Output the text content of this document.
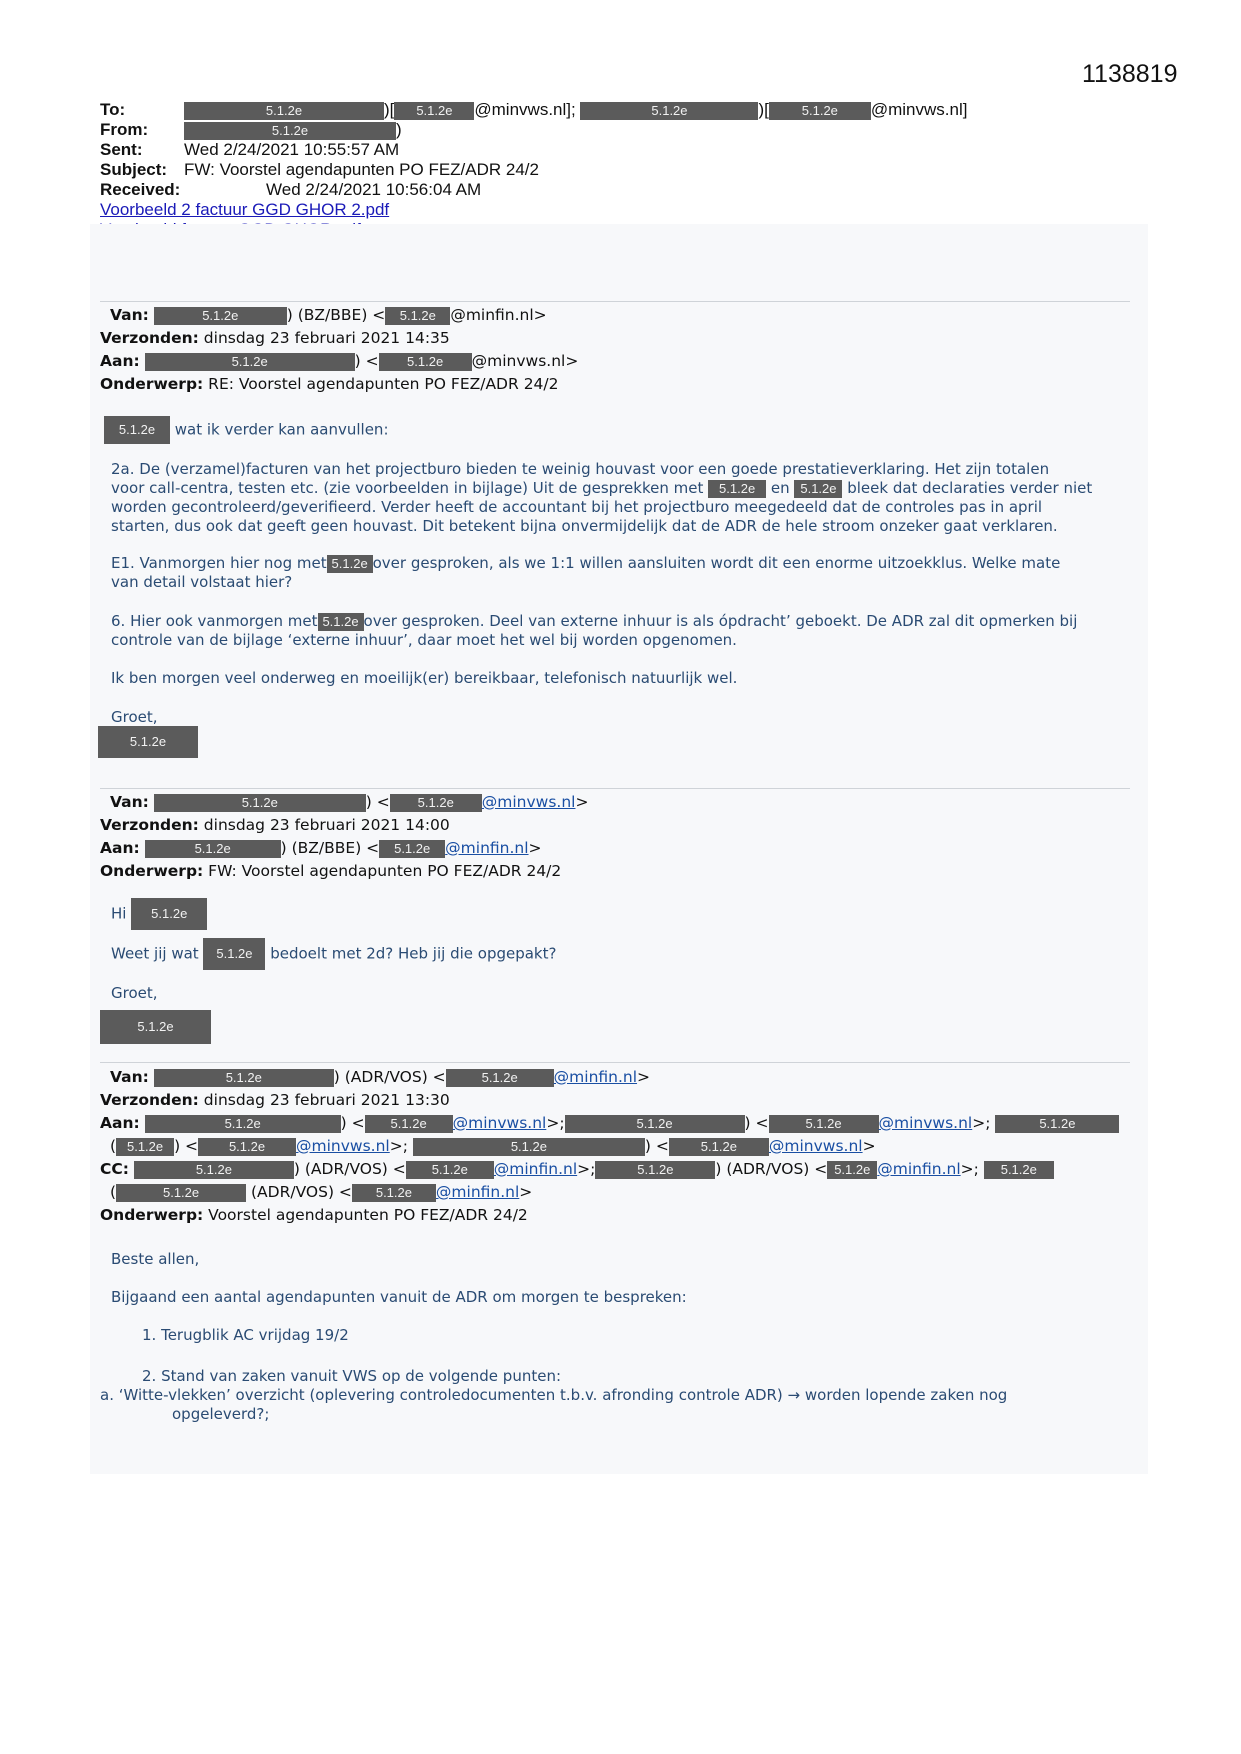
1138819
To:	5.1.2e	)[ 5.1.2e @minvws.nl];	5.1.2e	)[	5.1.2e @minvws.nl]
From:	5.1.2e	)
Sent: Wed 2/24/2021 10:55:57 AM
Subject: FW: Voorstel agendapunten PO FEZ/ADR 24/2
Received:	Wed 2/24/2021 10:56:04 AM
Voorbeeld 2 factuur GGD GHOR 2.pdf
Van:	5.1.2e	) (BZ/BBE) < 5.1.2e @minfin.nl>
Verzonden: dinsdag 23 februari 2021 14:35
Aan:	5.1.2e	) < 5.1.2e @minvws.nl>
Onderwerp: RE: Voorstel agendapunten PO FEZ/ADR 24/2
5.1.2e wat ik verder kan aanvullen:

2a. De (verzamel)facturen van het projectburo bieden te weinig houvast voor een goede prestatieverklaring. Het zijn totalen

voor call-centra, testen etc. (zie voorbeelden in bijlage) Uit de gesprekken met 5.1.2e en 5.1.2e bleek dat declaraties verder niet

worden gecontroleerd/geverifieerd. Verder heeft de accountant bij het projectburo meegedeeld dat de controles pas in april

starten, dus ook dat geeft geen houvast. Dit betekent bijna onvermijdelijk dat de ADR de hele stroom onzeker gaat verklaren.

E1. Vanmorgen hier nog met 5.1.2e over gesproken, als we 1:1 willen aansluiten wordt dit een enorme uitzoekklus. Welke mate

van detail volstaat hier?

6. Hier ook vanmorgen met 5.1.2e over gesproken. Deel van externe inhuur is als ópdracht’ geboekt. De ADR zal dit opmerken bij

controle van de bijlage ‘externe inhuur’, daar moet het wel bij worden opgenomen.

Ik ben morgen veel onderweg en moeilijk(er) bereikbaar, telefonisch natuurlijk wel.
Groet,
5.1.2e
Van:	5.1.2e	) < 5.1.2e @minvws.nl>
Verzonden: dinsdag 23 februari 2021 14:00
Aan:	5.1.2e	) (BZ/BBE) < 5.1.2e @minfin.nl>
Onderwerp: FW: Voorstel agendapunten PO FEZ/ADR 24/2
Hi 5.1.2e
Weet jij wat 5.1.2e bedoelt met 2d? Heb jij die opgepakt?
Groet,
5.1.2e
Van:	5.1.2e	) (ADR/VOS) <	5.1.2e @minfin.nl>
Verzonden: dinsdag 23 februari 2021 13:30
Aan:	5.1.2e	) < 5.1.2e @minvws.nl>;	5.1.2e	) <	5.1.2e @minvws.nl>;	5.1.2e
( 5.1.2e ) < 5.1.2e @minvws.nl>;	5.1.2e	) < 5.1.2e @minvws.nl>
CC:	5.1.2e	) (ADR/VOS) < 5.1.2e @minfin.nl>;	5.1.2e	) (ADR/VOS) < 5.1.2e @minfin.nl>; 5.1.2e
(	5.1.2e	(ADR/VOS) < 5.1.2e @minfin.nl>
Onderwerp: Voorstel agendapunten PO FEZ/ADR 24/2
Beste allen,
Bijgaand een aantal agendapunten vanuit de ADR om morgen te bespreken:
1. Terugblik AC vrijdag 19/2
2. Stand van zaken vanuit VWS op de volgende punten:

a. ‘Witte-vlekken’ overzicht (oplevering controledocumenten t.b.v. afronding controle ADR) → worden lopende zaken nog

opgeleverd?;
